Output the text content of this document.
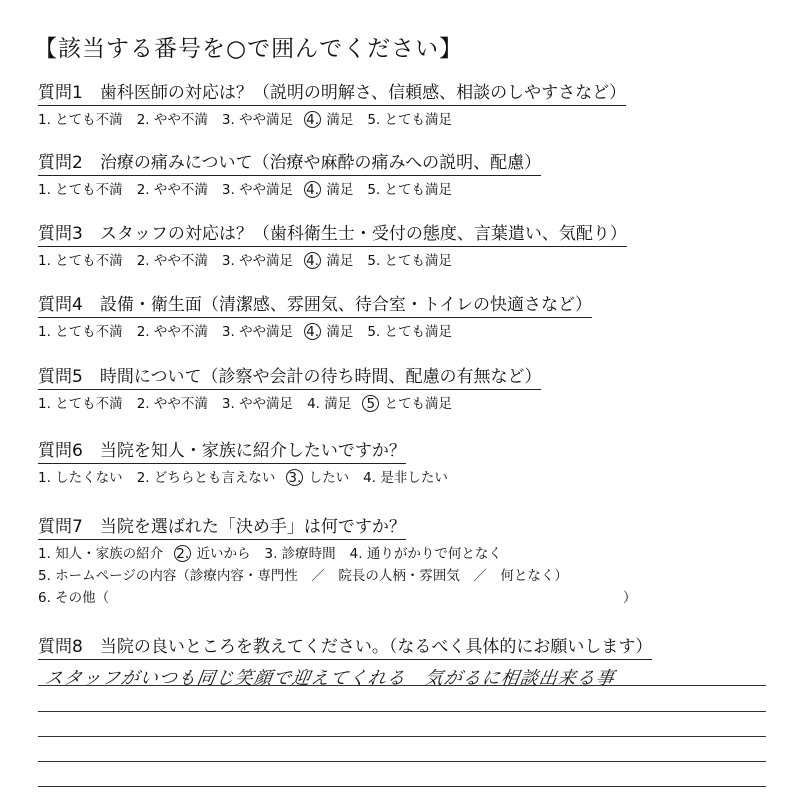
【該当する番号を○で囲んでください】
質問1　歯科医師の対応は？（説明の明解さ、信頼感、相談のしやすさなど）
1. とても不満 2. やや不満 3. やや満足 4. 満足 5. とても満足
質問2　治療の痛みについて（治療や麻酔の痛みへの説明、配慮）
1. とても不満 2. やや不満 3. やや満足 4. 満足 5. とても満足
質問3　スタッフの対応は？（歯科衛生士・受付の態度、言葉遣い、気配り）
1. とても不満 2. やや不満 3. やや満足 4. 満足 5. とても満足
質問4　設備・衛生面（清潔感、雰囲気、待合室・トイレの快適さなど）
1. とても不満 2. やや不満 3. やや満足 4. 満足 5. とても満足
質問5　時間について（診察や会計の待ち時間、配慮の有無など）
1. とても不満 2. やや不満 3. やや満足 4. 満足 5 とても満足
質問6　当院を知人・家族に紹介したいですか？
1. したくない 2. どちらとも言えない 3. したい 4. 是非したい
質問7　当院を選ばれた「決め手」は何ですか？
1. 知人・家族の紹介 2. 近いから 3. 診療時間 4. 通りがかりで何となく
5. ホームページの内容（診療内容・専門性　／　院長の人柄・雰囲気　／　何となく）
6. その他（	）
質問8　当院の良いところを教えてください。（なるべく具体的にお願いします）
スタッフがいつも同じ笑顔で迎えてくれる　気がるに相談出来る事
